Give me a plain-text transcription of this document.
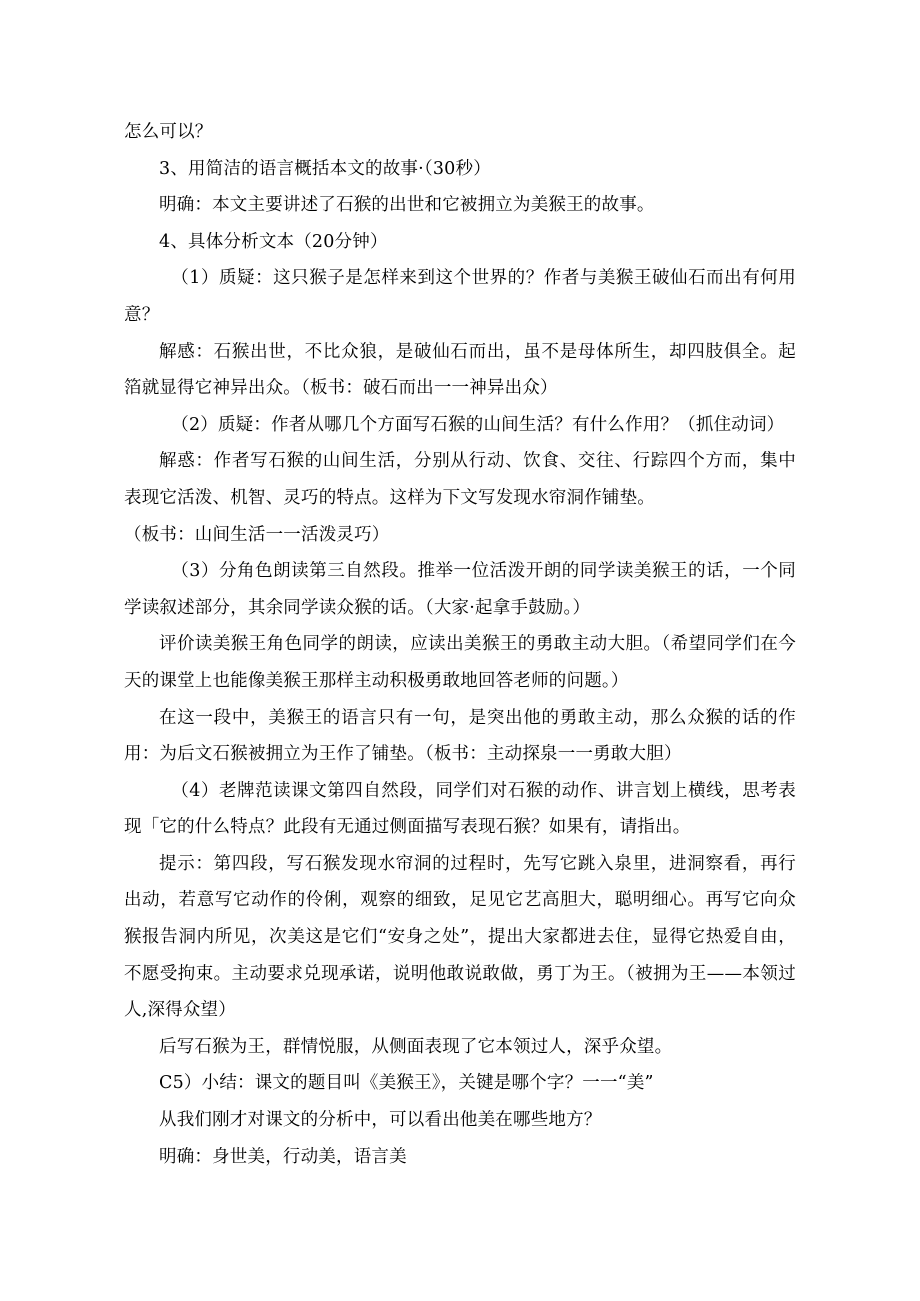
怎么可以？

3、用简洁的语言概括本文的故事·（30秒）

明确：本文主要讲述了石猴的出世和它被拥立为美猴王的故事。

4、具体分析文本（20分钟）

（1）质疑：这只猴子是怎样来到这个世界的？作者与美猴王破仙石而出有何用意？

解感：石猴出世，不比众狼，是破仙石而出，虽不是母体所生，却四肢俱全。起箔就显得它神异出众。（板书：破石而出一一神异出众）

（2）质疑：作者从哪几个方面写石猴的山间生活？有什么作用？（抓住动词）

解惑：作者写石猴的山间生活，分别从行动、饮食、交往、行踪四个方而，集中表现它活泼、机智、灵巧的特点。这样为下文写发现水帘洞作铺垫。

（板书：山间生活一一活泼灵巧）

（3）分角色朗读第三自然段。推举一位活泼开朗的同学读美猴王的话，一个同学读叙述部分，其余同学读众猴的话。（大家·起拿手鼓励。）

评价读美猴王角色同学的朗读，应读出美猴王的勇敢主动大胆。（希望同学们在今天的课堂上也能像美猴王那样主动积极勇敢地回答老师的问题。）

在这一段中，美猴王的语言只有一句，是突出他的勇敢主动，那么众猴的话的作用：为后文石猴被拥立为王作了铺垫。（板书：主动探泉一一勇敢大胆）

（4）老牌范读课文第四自然段，同学们对石猴的动作、讲言划上横线，思考表现「它的什么特点？此段有无通过侧面描写表现石猴？如果有，请指出。

提示：第四段，写石猴发现水帘洞的过程时，先写它跳入泉里，进洞察看，再行出动，若意写它动作的伶俐，观察的细致，足见它艺高胆大，聪明细心。再写它向众猴报告洞内所见，次美这是它们“安身之处”，提出大家都进去住，显得它热爱自由，不愿受拘束。主动要求兑现承诺，说明他敢说敢做，勇丁为王。（被拥为王——本领过人,深得众望）

后写石猴为王，群情悦服，从侧面表现了它本领过人，深乎众望。

C5）小结：课文的题目叫《美猴王》，关键是哪个字？一一“美”

从我们刚才对课文的分析中，可以看出他美在哪些地方？

明确：身世美，行动美，语言美
